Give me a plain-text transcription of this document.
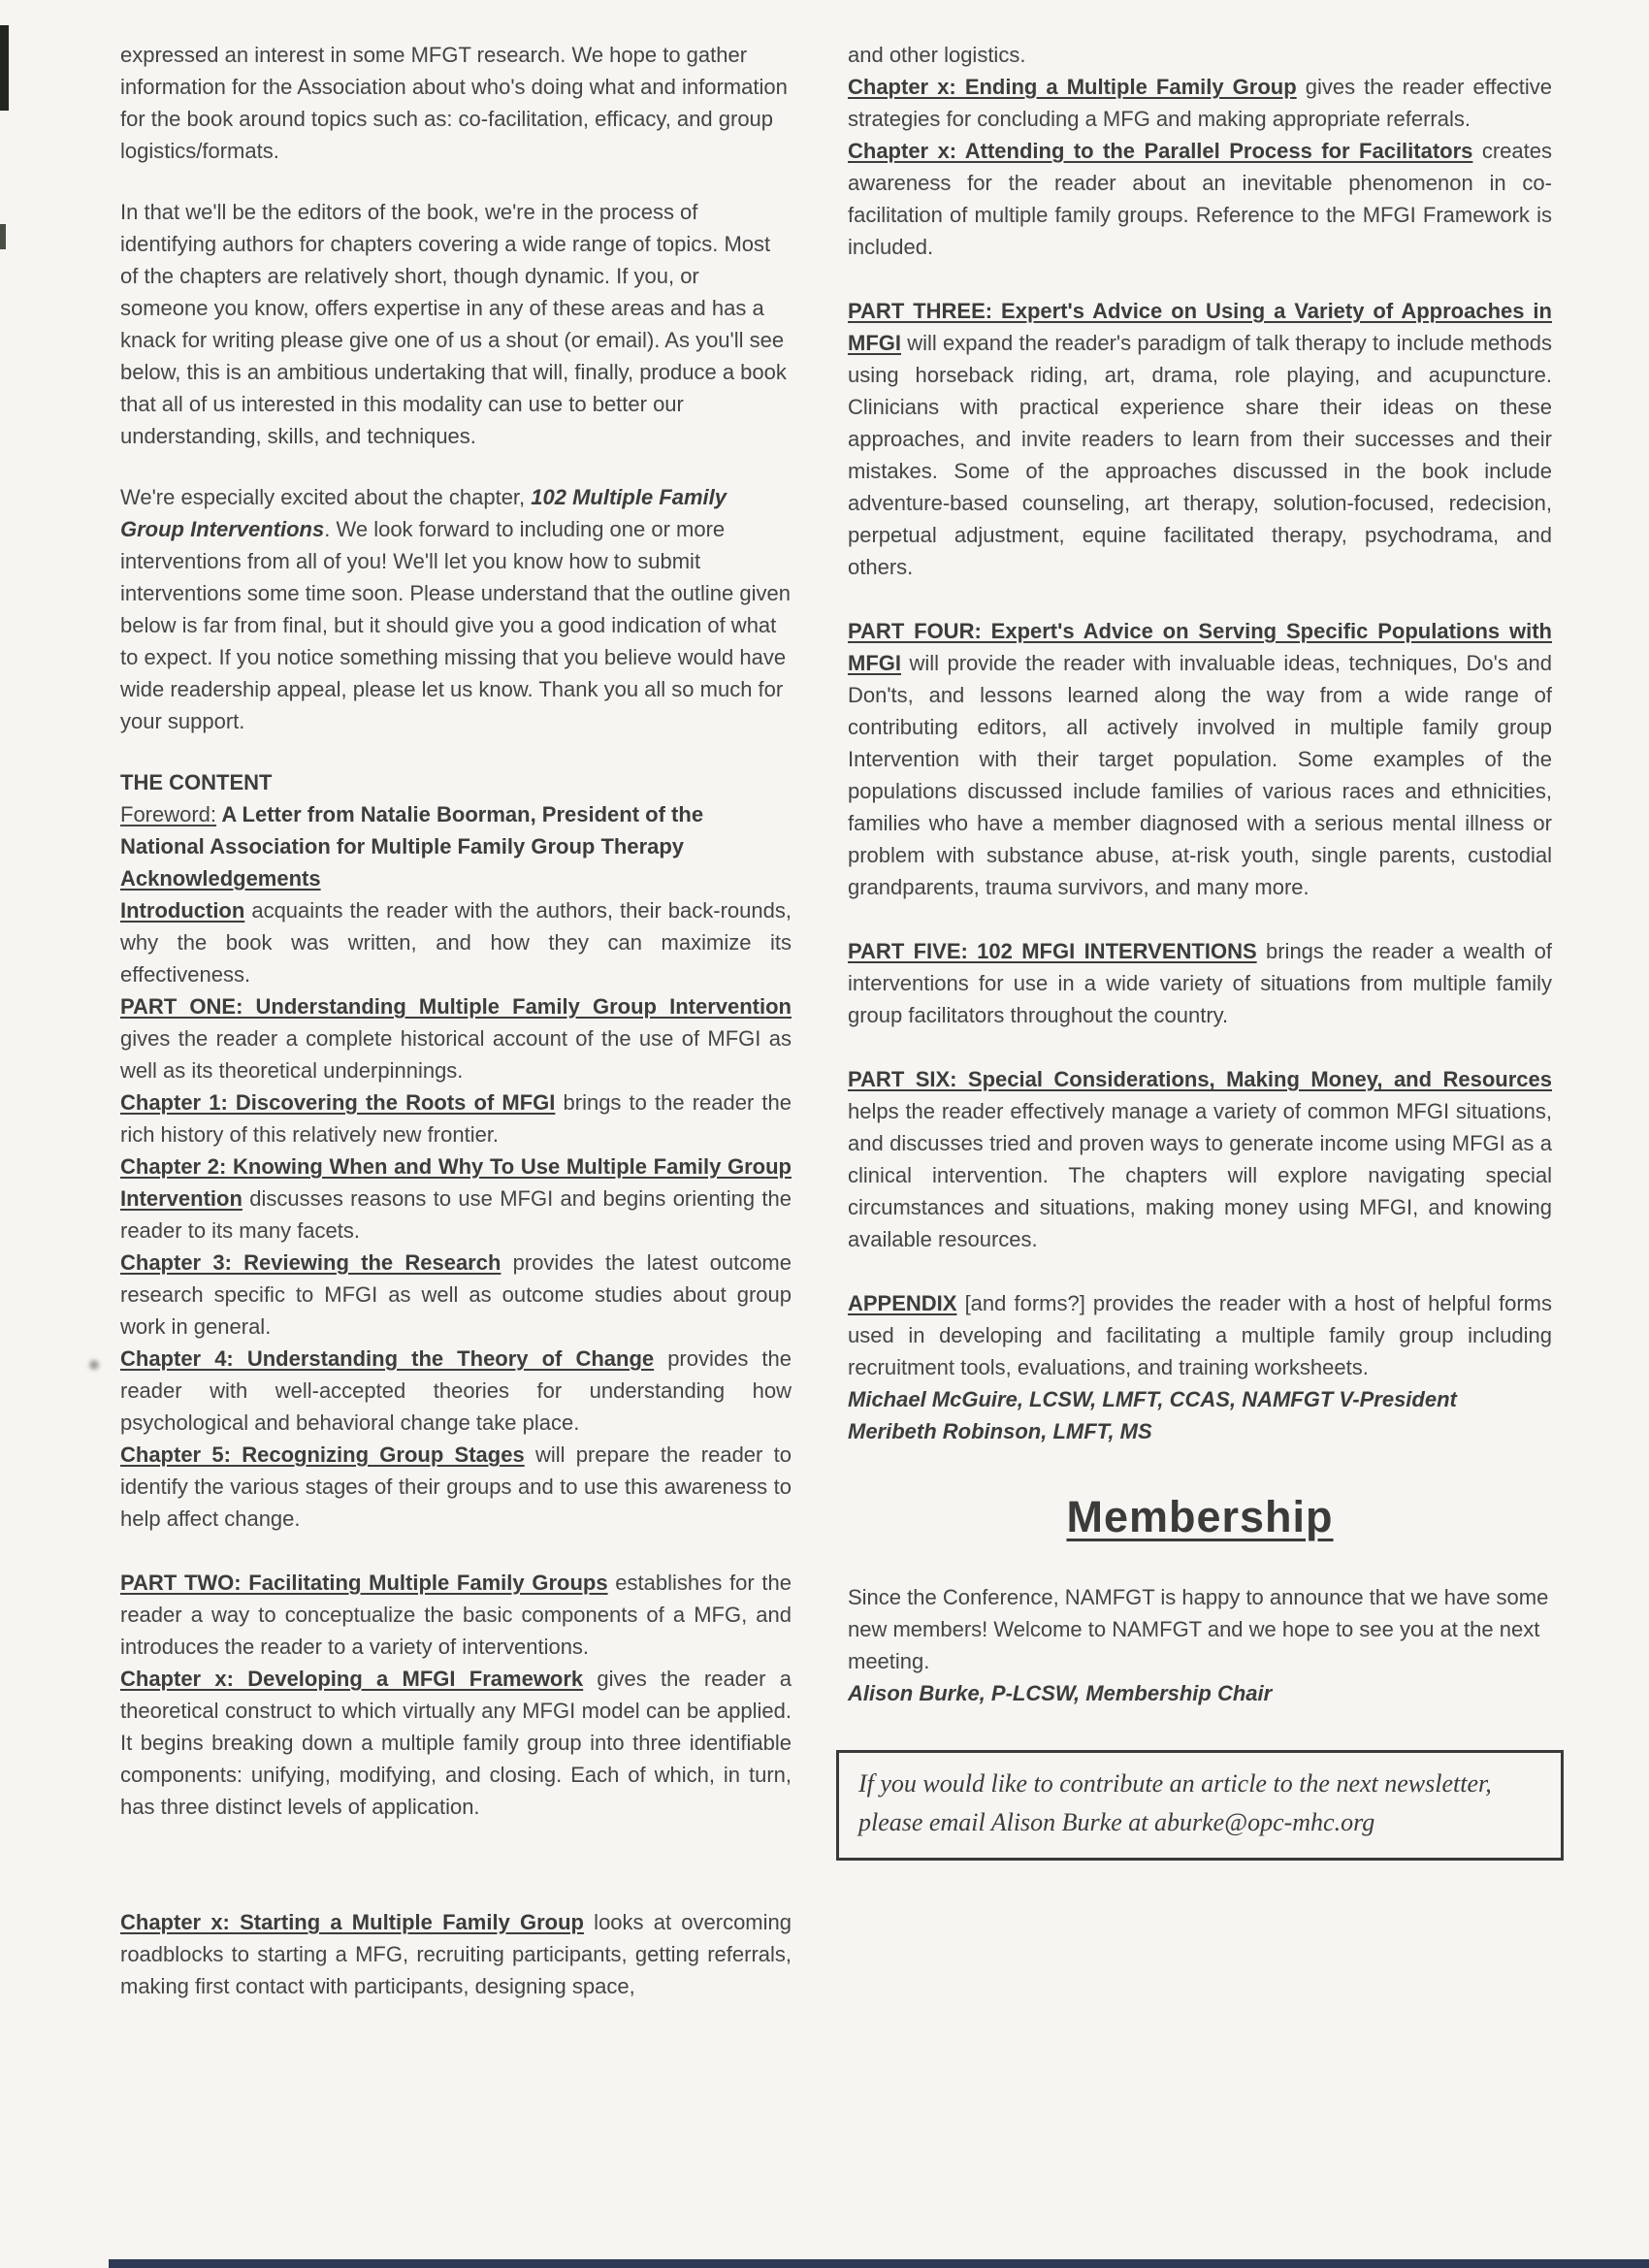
expressed an interest in some MFGT research. We hope to gather information for the Association about who's doing what and information for the book around topics such as: co-facilitation, efficacy, and group logistics/formats.

In that we'll be the editors of the book, we're in the process of identifying authors for chapters covering a wide range of topics. Most of the chapters are relatively short, though dynamic. If you, or someone you know, offers expertise in any of these areas and has a knack for writing please give one of us a shout (or email). As you'll see below, this is an ambitious undertaking that will, finally, produce a book that all of us interested in this modality can use to better our understanding, skills, and techniques.

We're especially excited about the chapter, 102 Multiple Family Group Interventions. We look forward to including one or more interventions from all of you! We'll let you know how to submit interventions some time soon. Please understand that the outline given below is far from final, but it should give you a good indication of what to expect. If you notice something missing that you believe would have wide readership appeal, please let us know. Thank you all so much for your support.

THE CONTENT

Foreword: A Letter from Natalie Boorman, President of the National Association for Multiple Family Group Therapy

Acknowledgements

Introduction acquaints the reader with the authors, their back-rounds, why the book was written, and how they can maximize its effectiveness.

PART ONE: Understanding Multiple Family Group Intervention gives the reader a complete historical account of the use of MFGI as well as its theoretical underpinnings.

Chapter 1: Discovering the Roots of MFGI brings to the reader the rich history of this relatively new frontier.

Chapter 2: Knowing When and Why To Use Multiple Family Group Intervention discusses reasons to use MFGI and begins orienting the reader to its many facets.

Chapter 3: Reviewing the Research provides the latest outcome research specific to MFGI as well as outcome studies about group work in general.

Chapter 4: Understanding the Theory of Change provides the reader with well-accepted theories for understanding how psychological and behavioral change take place.

Chapter 5: Recognizing Group Stages will prepare the reader to identify the various stages of their groups and to use this awareness to help affect change.

PART TWO: Facilitating Multiple Family Groups establishes for the reader a way to conceptualize the basic components of a MFG, and introduces the reader to a variety of interventions.

Chapter x: Developing a MFGI Framework gives the reader a theoretical construct to which virtually any MFGI model can be applied. It begins breaking down a multiple family group into three identifiable components: unifying, modifying, and closing. Each of which, in turn, has three distinct levels of application.

Chapter x: Starting a Multiple Family Group looks at overcoming roadblocks to starting a MFG, recruiting participants, getting referrals, making first contact with participants, designing space,

and other logistics.

Chapter x: Ending a Multiple Family Group gives the reader effective strategies for concluding a MFG and making appropriate referrals.

Chapter x: Attending to the Parallel Process for Facilitators creates awareness for the reader about an inevitable phenomenon in co-facilitation of multiple family groups. Reference to the MFGI Framework is included.

PART THREE: Expert's Advice on Using a Variety of Approaches in MFGI will expand the reader's paradigm of talk therapy to include methods using horseback riding, art, drama, role playing, and acupuncture. Clinicians with practical experience share their ideas on these approaches, and invite readers to learn from their successes and their mistakes. Some of the approaches discussed in the book include adventure-based counseling, art therapy, solution-focused, redecision, perpetual adjustment, equine facilitated therapy, psychodrama, and others.

PART FOUR: Expert's Advice on Serving Specific Populations with MFGI will provide the reader with invaluable ideas, techniques, Do's and Don'ts, and lessons learned along the way from a wide range of contributing editors, all actively involved in multiple family group Intervention with their target population. Some examples of the populations discussed include families of various races and ethnicities, families who have a member diagnosed with a serious mental illness or problem with substance abuse, at-risk youth, single parents, custodial grandparents, trauma survivors, and many more.

PART FIVE: 102 MFGI INTERVENTIONS brings the reader a wealth of interventions for use in a wide variety of situations from multiple family group facilitators throughout the country.

PART SIX: Special Considerations, Making Money, and Resources helps the reader effectively manage a variety of common MFGI situations, and discusses tried and proven ways to generate income using MFGI as a clinical intervention. The chapters will explore navigating special circumstances and situations, making money using MFGI, and knowing available resources.

APPENDIX [and forms?] provides the reader with a host of helpful forms used in developing and facilitating a multiple family group including recruitment tools, evaluations, and training worksheets.

Michael McGuire, LCSW, LMFT, CCAS, NAMFGT V-President

Meribeth Robinson, LMFT, MS

Membership

Since the Conference, NAMFGT is happy to announce that we have some new members! Welcome to NAMFGT and we hope to see you at the next meeting.

Alison Burke, P-LCSW, Membership Chair

If you would like to contribute an article to the next newsletter,
please email Alison Burke at aburke@opc-mhc.org
